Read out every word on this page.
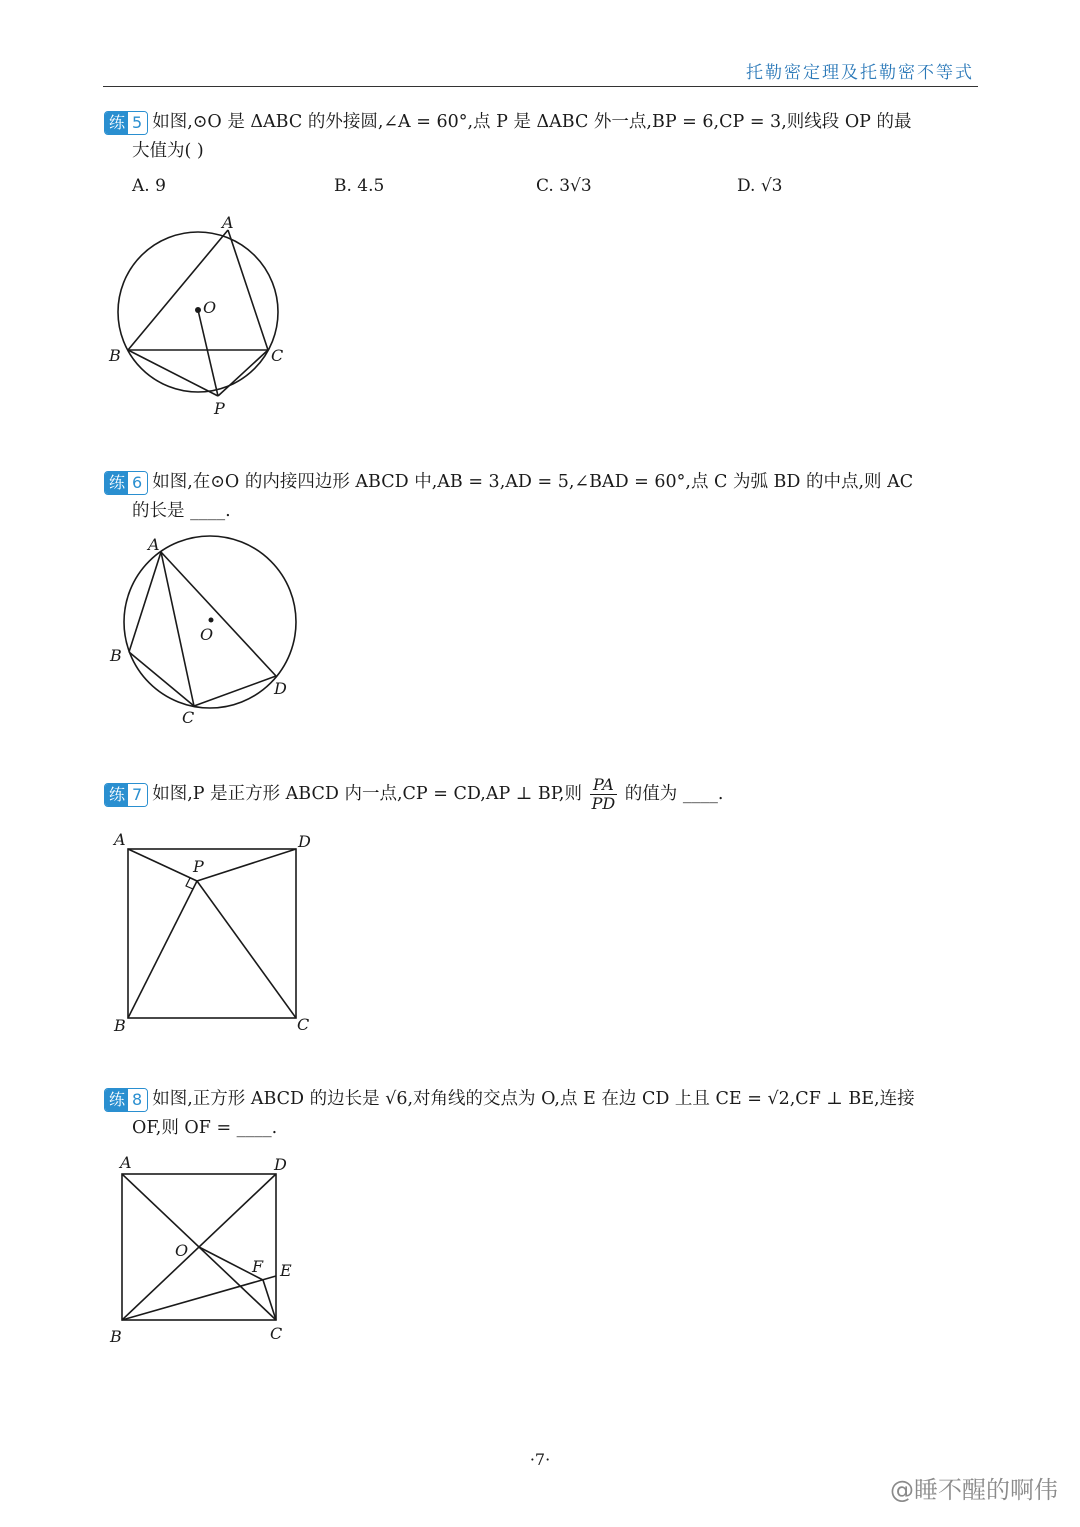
托勒密定理及托勒密不等式
练 5 如图,⊙O 是 ΔABC 的外接圆,∠A = 60°,点 P 是 ΔABC 外一点,BP = 6,CP = 3,则线段 OP 的最
大值为( )
A. 9	B. 4.5	C. 3√3	D. √3
A
O
B	C
P
练 6 如图,在⊙O 的内接四边形 ABCD 中,AB = 3,AD = 5,∠BAD = 60°,点 C 为弧 BD 的中点,则 AC
的长是 ____.
A
O
B
C
D
练 7 如图,P 是正方形 ABCD 内一点,CP = CD,AP ⊥ BP,则 $\frac{PA}{PD}$ 的值为 ____.
A	D
P
B	C
练 8 如图,正方形 ABCD 的边长是 √6,对角线的交点为 O,点 E 在边 CD 上且 CE = √2,CF ⊥ BE,连接
OF,则 OF = ____.
A	D
O
F E
B	C
·7·
@睡不醒的啊伟
